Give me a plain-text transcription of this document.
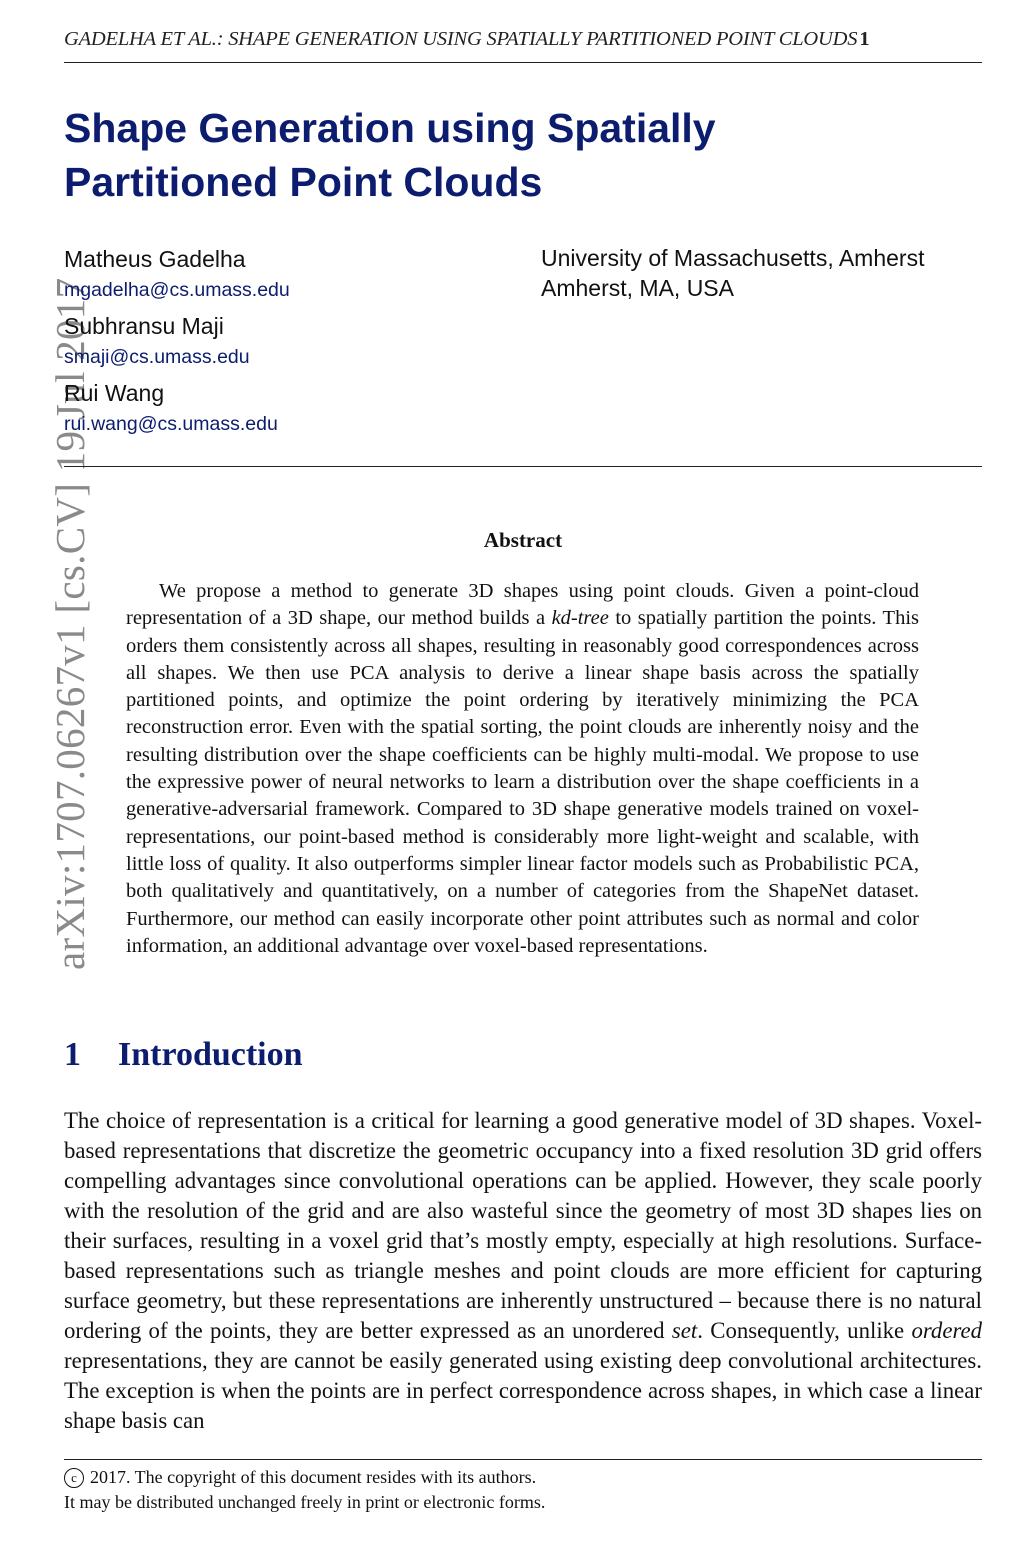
GADELHA ET AL.: SHAPE GENERATION USING SPATIALLY PARTITIONED POINT CLOUDS1
arXiv:1707.06267v1 [cs.CV] 19 Jul 2017
Shape Generation using Spatially
Partitioned Point Clouds
Matheus Gadelha
mgadelha@cs.umass.edu
Subhransu Maji
smaji@cs.umass.edu
Rui Wang
rui.wang@cs.umass.edu
University of Massachusetts, Amherst
Amherst, MA, USA
Abstract

We propose a method to generate 3D shapes using point clouds. Given a point-cloud representation of a 3D shape, our method builds a kd-tree to spatially partition the points. This orders them consistently across all shapes, resulting in reasonably good correspondences across all shapes. We then use PCA analysis to derive a linear shape basis across the spatially partitioned points, and optimize the point ordering by iteratively minimizing the PCA reconstruction error. Even with the spatial sorting, the point clouds are inherently noisy and the resulting distribution over the shape coefficients can be highly multi-modal. We propose to use the expressive power of neural networks to learn a distribution over the shape coefficients in a generative-adversarial framework. Compared to 3D shape generative models trained on voxel-representations, our point-based method is considerably more light-weight and scalable, with little loss of quality. It also outperforms simpler linear factor models such as Probabilistic PCA, both qualitatively and quantitatively, on a number of categories from the ShapeNet dataset. Furthermore, our method can easily incorporate other point attributes such as normal and color information, an additional advantage over voxel-based representations.

1 Introduction

The choice of representation is a critical for learning a good generative model of 3D shapes. Voxel-based representations that discretize the geometric occupancy into a fixed resolution 3D grid offers compelling advantages since convolutional operations can be applied. However, they scale poorly with the resolution of the grid and are also wasteful since the geometry of most 3D shapes lies on their surfaces, resulting in a voxel grid that’s mostly empty, especially at high resolutions. Surface-based representations such as triangle meshes and point clouds are more efficient for capturing surface geometry, but these representations are inherently unstructured – because there is no natural ordering of the points, they are better expressed as an unordered set. Consequently, unlike ordered representations, they are cannot be easily generated using existing deep convolutional architectures. The exception is when the points are in perfect correspondence across shapes, in which case a linear shape basis can

c 2017. The copyright of this document resides with its authors.
It may be distributed unchanged freely in print or electronic forms.
